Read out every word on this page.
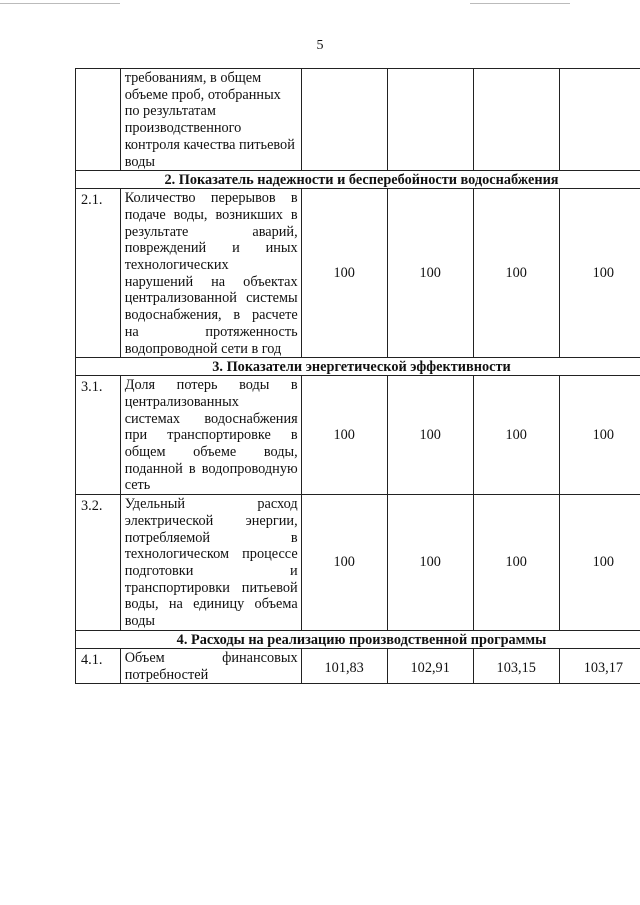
5
	требованиям, в общем объеме проб, отобранных по результатам производственного контроля качества питьевой воды				
2. Показатель надежности и бесперебойности водоснабжения					
2.1.	Количество перерывов в подаче воды, возникших в результате аварий, повреждений и иных технологических нарушений на объектах централизованной системы водоснабжения, в расчете на протяженность водопроводной сети в год	100	100	100	100
3. Показатели энергетической эффективности					
3.1.	Доля потерь воды в централизованных системах водоснабжения при транспортировке в общем объеме воды, поданной в водопроводную сеть	100	100	100	100
3.2.	Удельный расход электрической энергии, потребляемой в технологическом процессе подготовки и транспортировки питьевой воды, на единицу объема воды	100	100	100	100
4. Расходы на реализацию производственной программы					
4.1.	Объем финансовых потребностей	101,83	102,91	103,15	103,17
